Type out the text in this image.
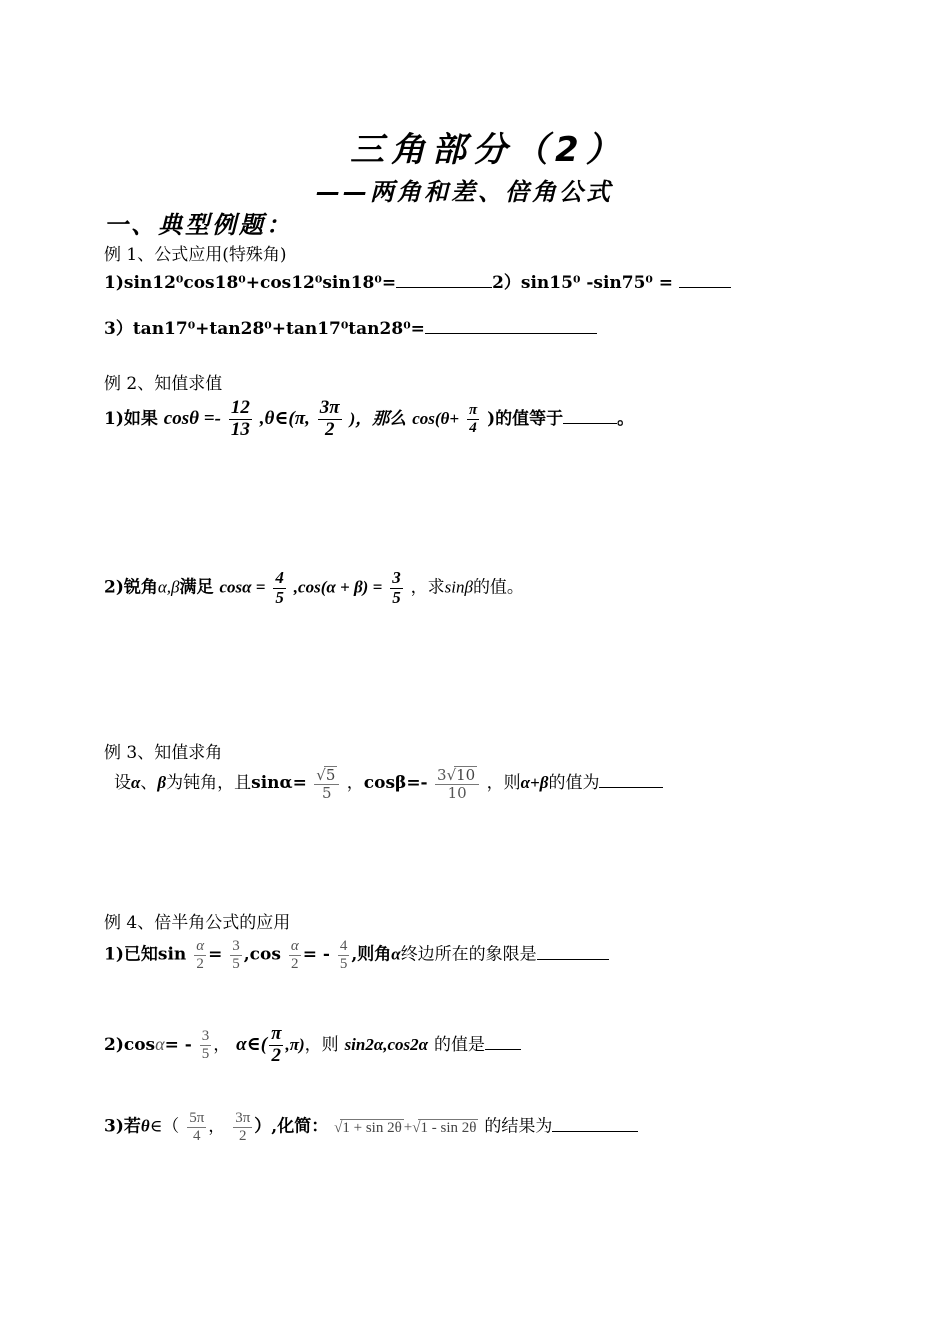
三角部分（2）
——两角和差、倍角公式
一、典型例题：
例 1、公式应用(特殊角)
1)sin12⁰cos18⁰+cos12⁰sin18⁰=	2）sin15⁰ -sin75⁰ =
3）tan17⁰+tan28⁰+tan17⁰tan28⁰=
例 2、知值求值
1)如果 $\cos\theta =- \frac{12}{13}$ ,θ∈(π, $\frac{3\pi}{2}$ )，那么 $\cos(\theta+ \frac{\pi}{4}$ )的值等于	。
2)锐角α,β满足 $\cos\alpha = \frac{4}{5} ,\cos(\alpha + \beta) = \frac{3}{5}$ ，求sinβ的值。
例 3、知值求角
设α、β为钝角，且$\sin\alpha= \frac{√5}{5}$ ，$\cos\beta=- \frac{3√10}{10}$ ，则α+β的值为
例 4、倍半角公式的应用
1)已知$\sin \frac{\alpha}{2} = \frac{3}{5} ,\cos \frac{\alpha}{2}$ = - $\frac{4}{5}$ ,则角α终边所在的象限是
$2)\cos\alpha= - \frac{3}{5}$ ， α∈( $\frac{\pi}{2} ,\pi$)，则 sin2α,cos2α 的值是
3)若θ∈（ $\frac{5\pi}{4}$ ， $\frac{3\pi}{2}$ ）,化简： √1 + sin 2θ +√1 - sin 2θ 的结果为
